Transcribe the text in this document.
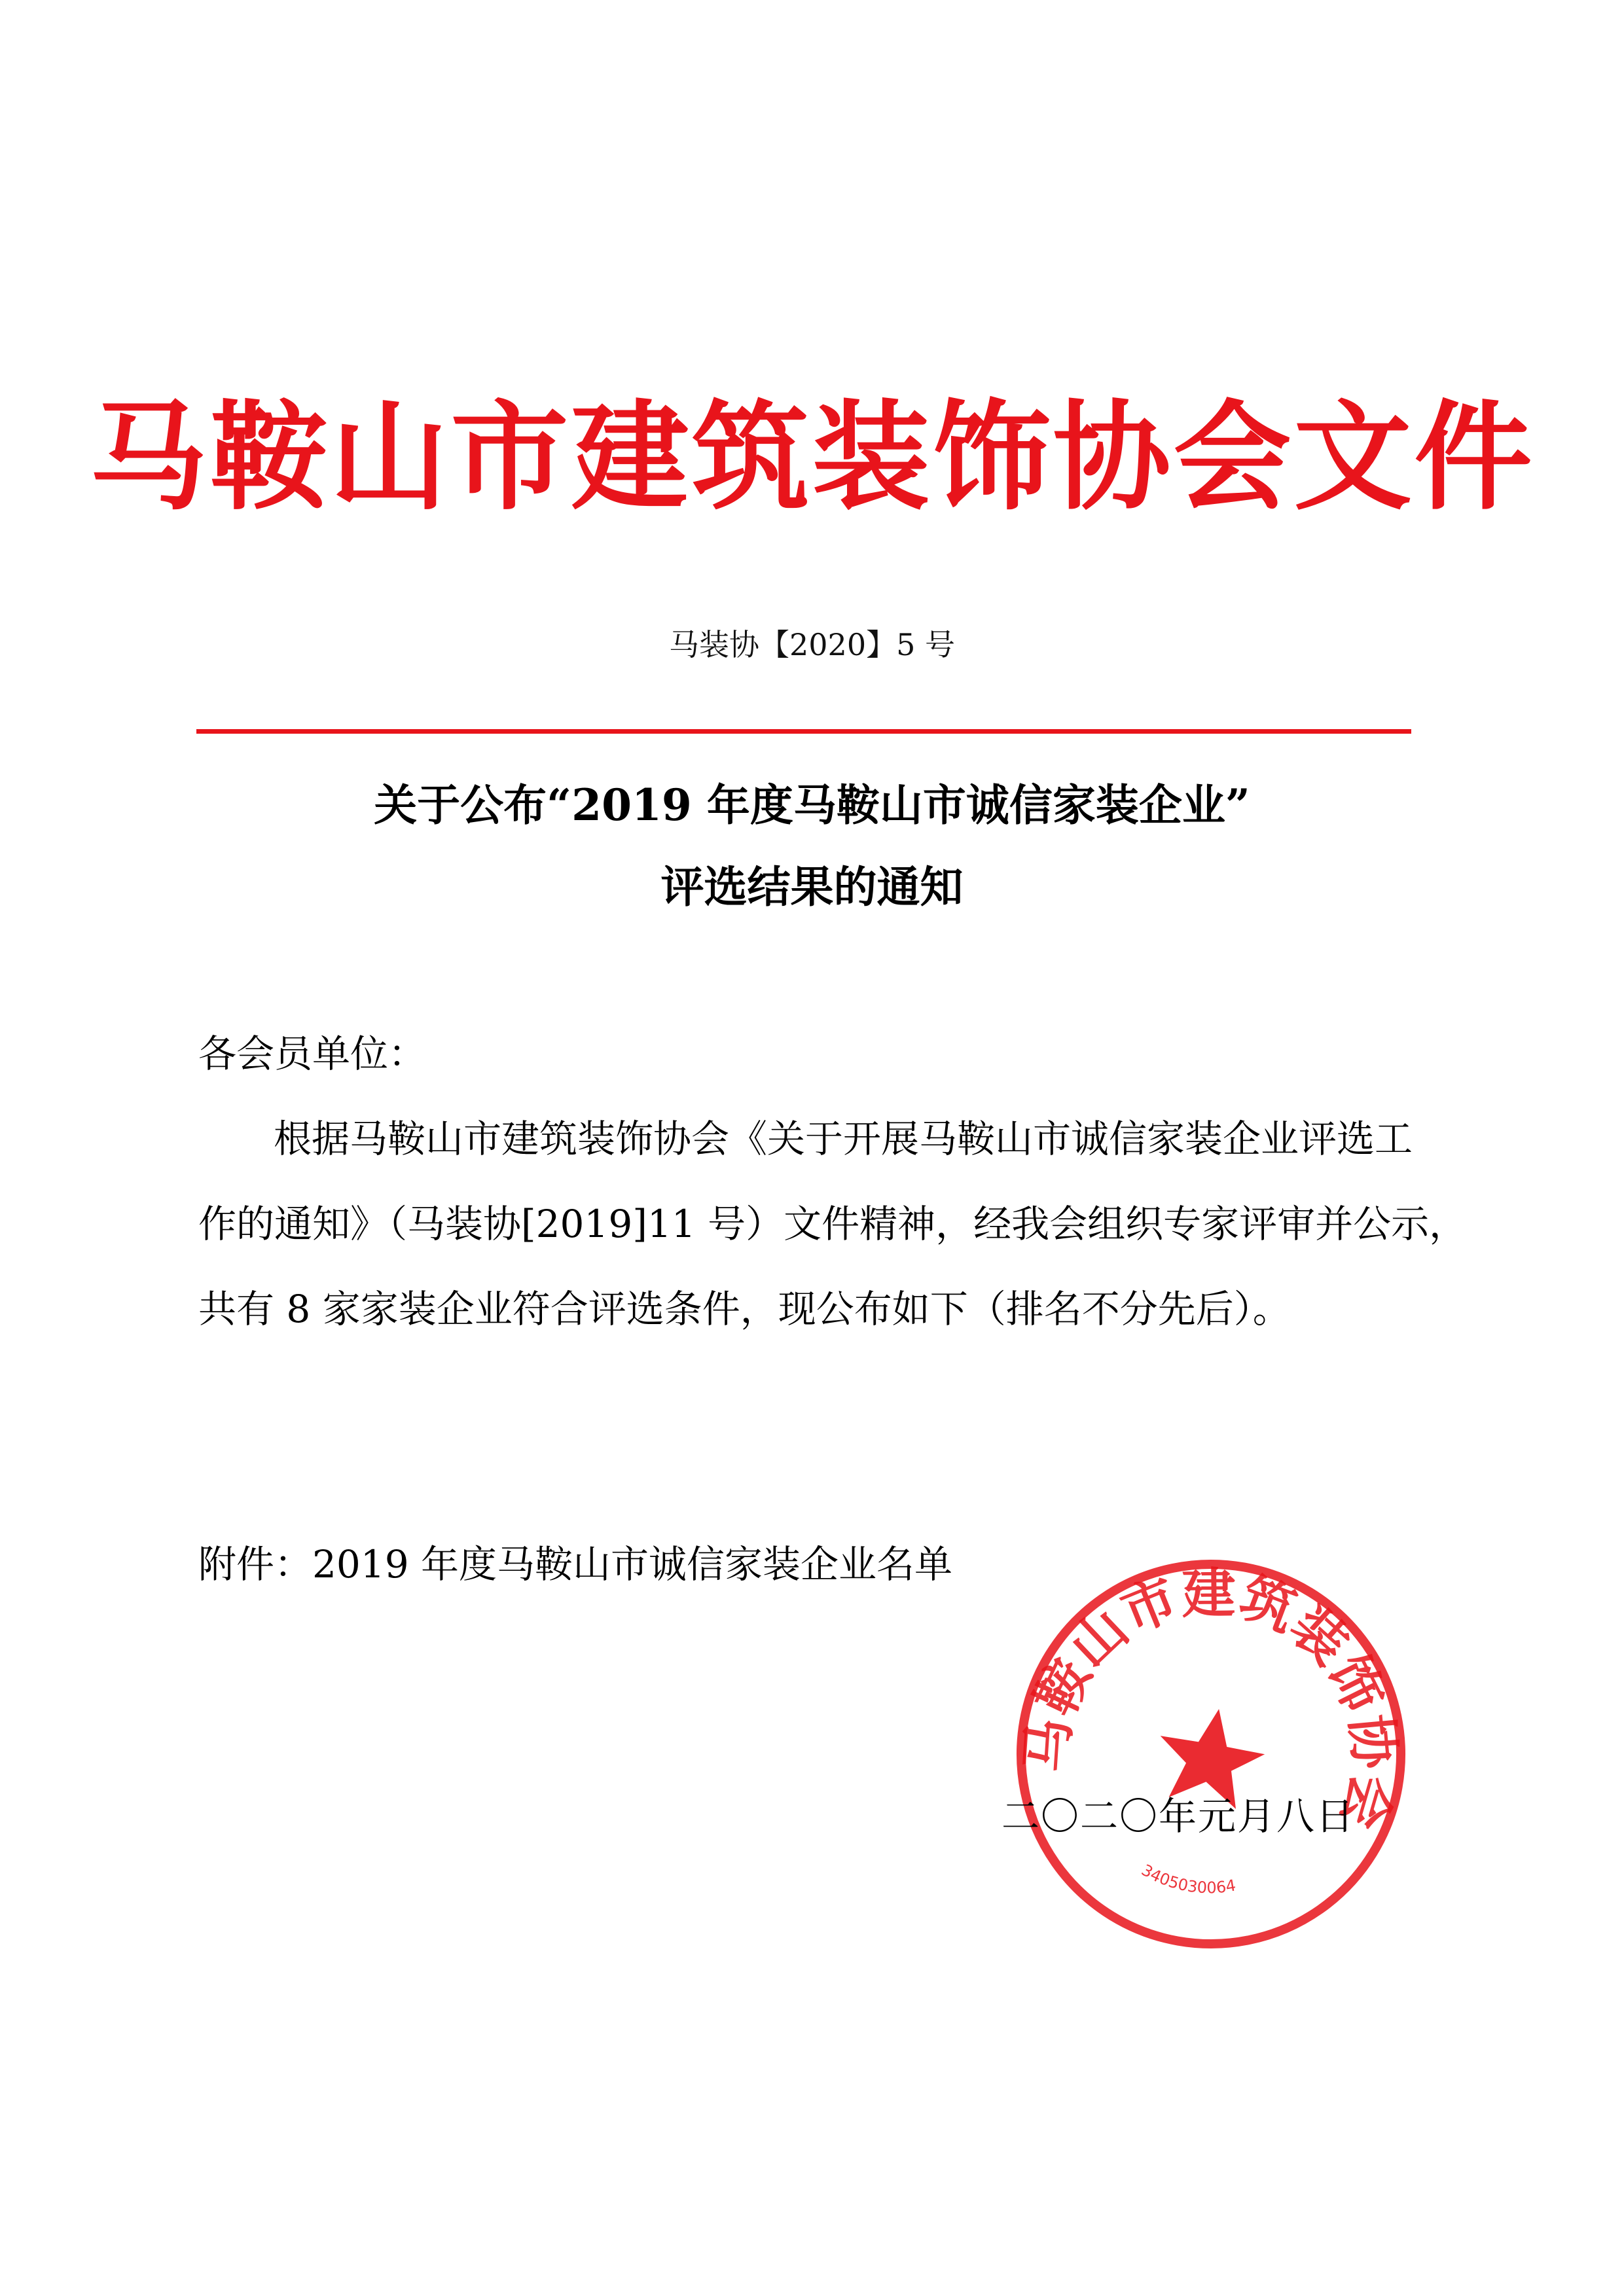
马鞍山市建筑装饰协会文件
马装协【2020】5 号
关于公布“2019 年度马鞍山市诚信家装企业”
评选结果的通知
各会员单位：
根据马鞍山市建筑装饰协会《关于开展马鞍山市诚信家装企业评选工
作的通知》（马装协[2019]11 号）文件精神，经我会组织专家评审并公示，
共有 8 家家装企业符合评选条件，现公布如下（排名不分先后）。
附件：2019 年度马鞍山市诚信家装企业名单
马鞍山市建筑装饰协会
3405030064
二〇二〇年元月八日
